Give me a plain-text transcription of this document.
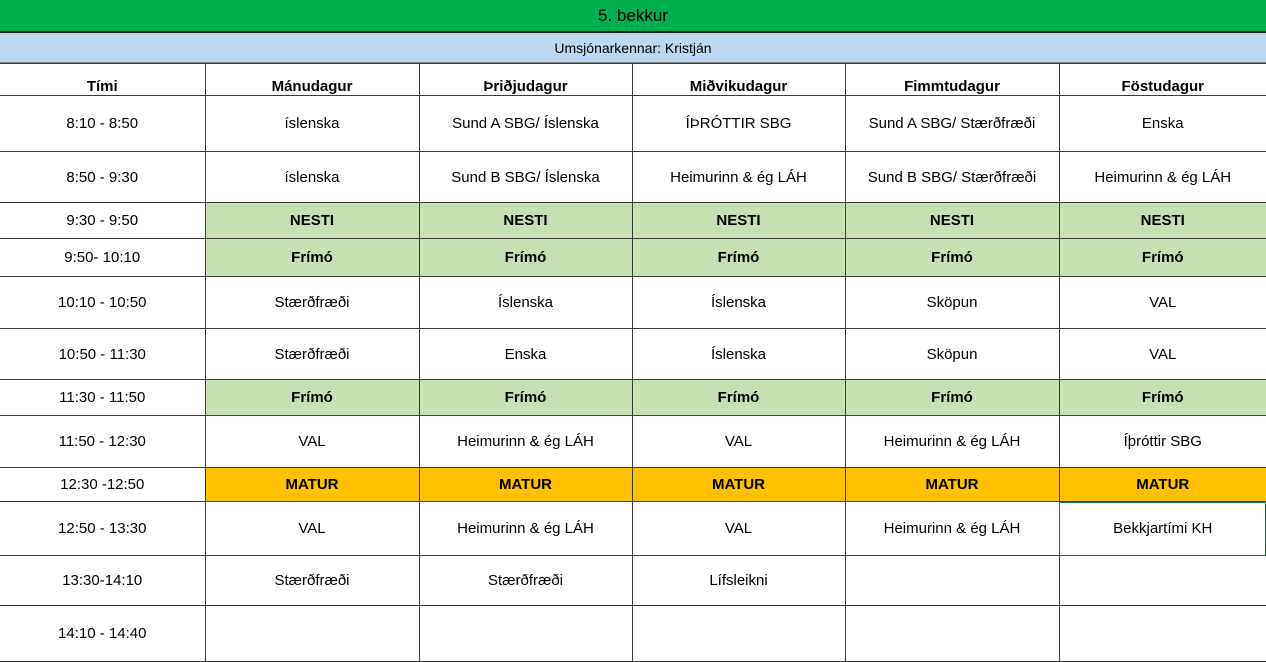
5. bekkur
Umsjónarkennar: Kristján
Tími	Mánudagur	Þriðjudagur	Miðvikudagur	Fimmtudagur	Föstudagur
8:10 - 8:50	íslenska	Sund A SBG/ Íslenska	ÍÞRÓTTIR SBG	Sund A SBG/ Stærðfræði	Enska
8:50 - 9:30	íslenska	Sund B SBG/ Íslenska	Heimurinn & ég LÁH	Sund B SBG/ Stærðfræði	Heimurinn & ég LÁH
9:30 - 9:50	NESTI	NESTI	NESTI	NESTI	NESTI
9:50- 10:10	Frímó	Frímó	Frímó	Frímó	Frímó
10:10 - 10:50	Stærðfræði	Íslenska	Íslenska	Sköpun	VAL
10:50 - 11:30	Stærðfræði	Enska	Íslenska	Sköpun	VAL
11:30 - 11:50	Frímó	Frímó	Frímó	Frímó	Frímó
11:50 - 12:30	VAL	Heimurinn & ég LÁH	VAL	Heimurinn & ég LÁH	Íþróttir SBG
12:30 -12:50	MATUR	MATUR	MATUR	MATUR	MATUR
12:50 - 13:30	VAL	Heimurinn & ég LÁH	VAL	Heimurinn & ég LÁH	Bekkjartími KH
13:30-14:10	Stærðfræði	Stærðfræði	Lífsleikni		
14:10 - 14:40					
